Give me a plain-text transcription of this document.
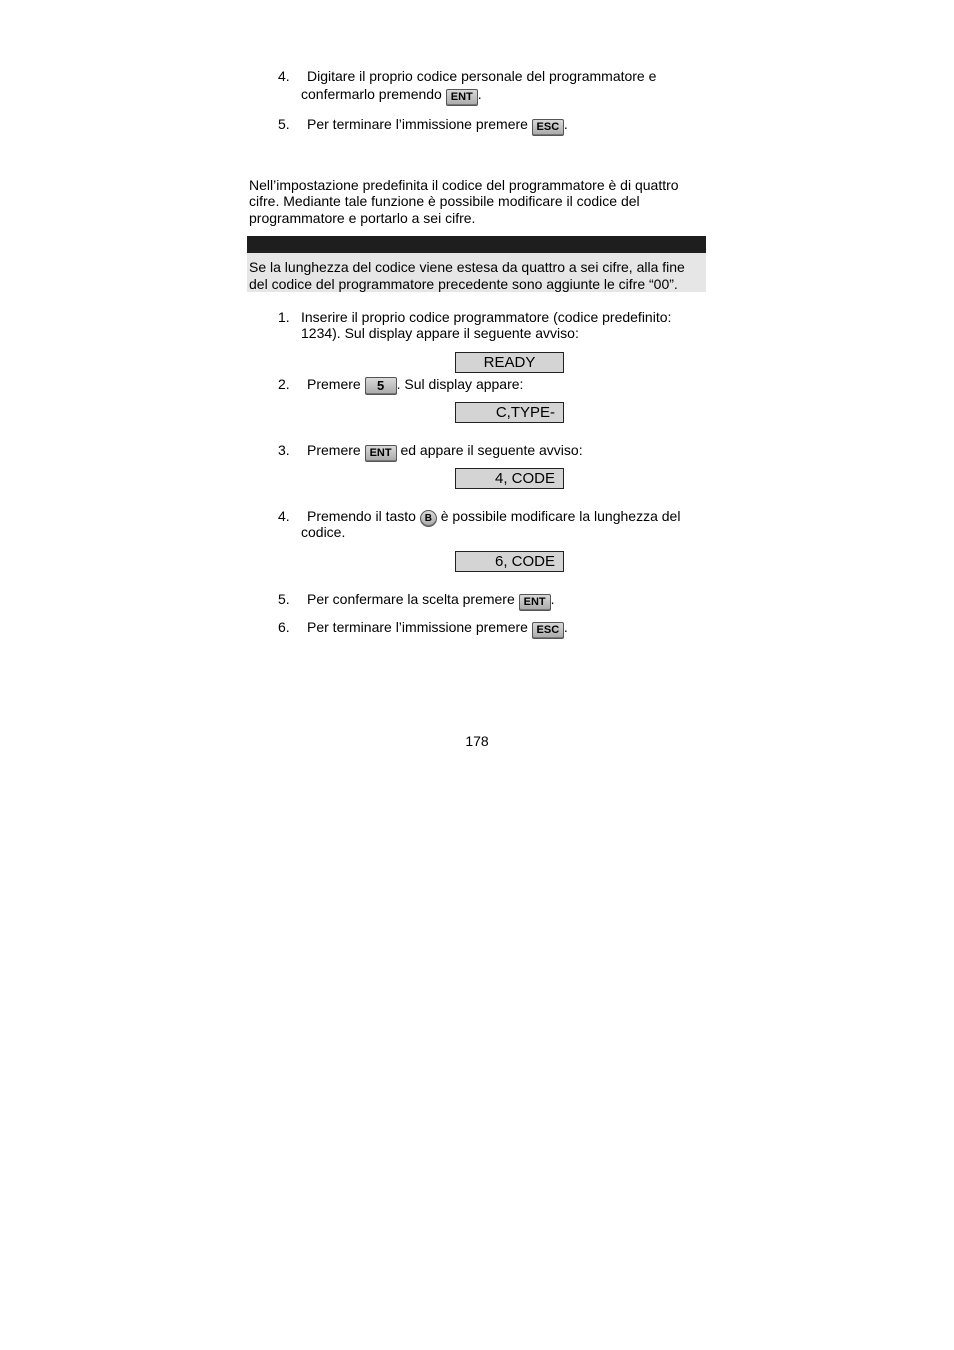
4. Digitare il proprio codice personale del programmatore e
confermarlo premendo ENT .
5. Per terminare l’immissione premere ESC .
Nell’impostazione predefinita il codice del programmatore è di quattro
cifre. Mediante tale funzione è possibile modificare il codice del
programmatore e portarlo a sei cifre.
Se la lunghezza del codice viene estesa da quattro a sei cifre, alla fine
del codice del programmatore precedente sono aggiunte le cifre “00”.
1. Inserire il proprio codice programmatore (codice predefinito:
1234). Sul display appare il seguente avviso:
READY
2. Premere 5 . Sul display appare:
C,TYPE-
3. Premere ENT ed appare il seguente avviso:
4, CODE
4. Premendo il tasto B è possibile modificare la lunghezza del
codice.
6, CODE
5. Per confermare la scelta premere ENT .
6. Per terminare l’immissione premere ESC .
178
